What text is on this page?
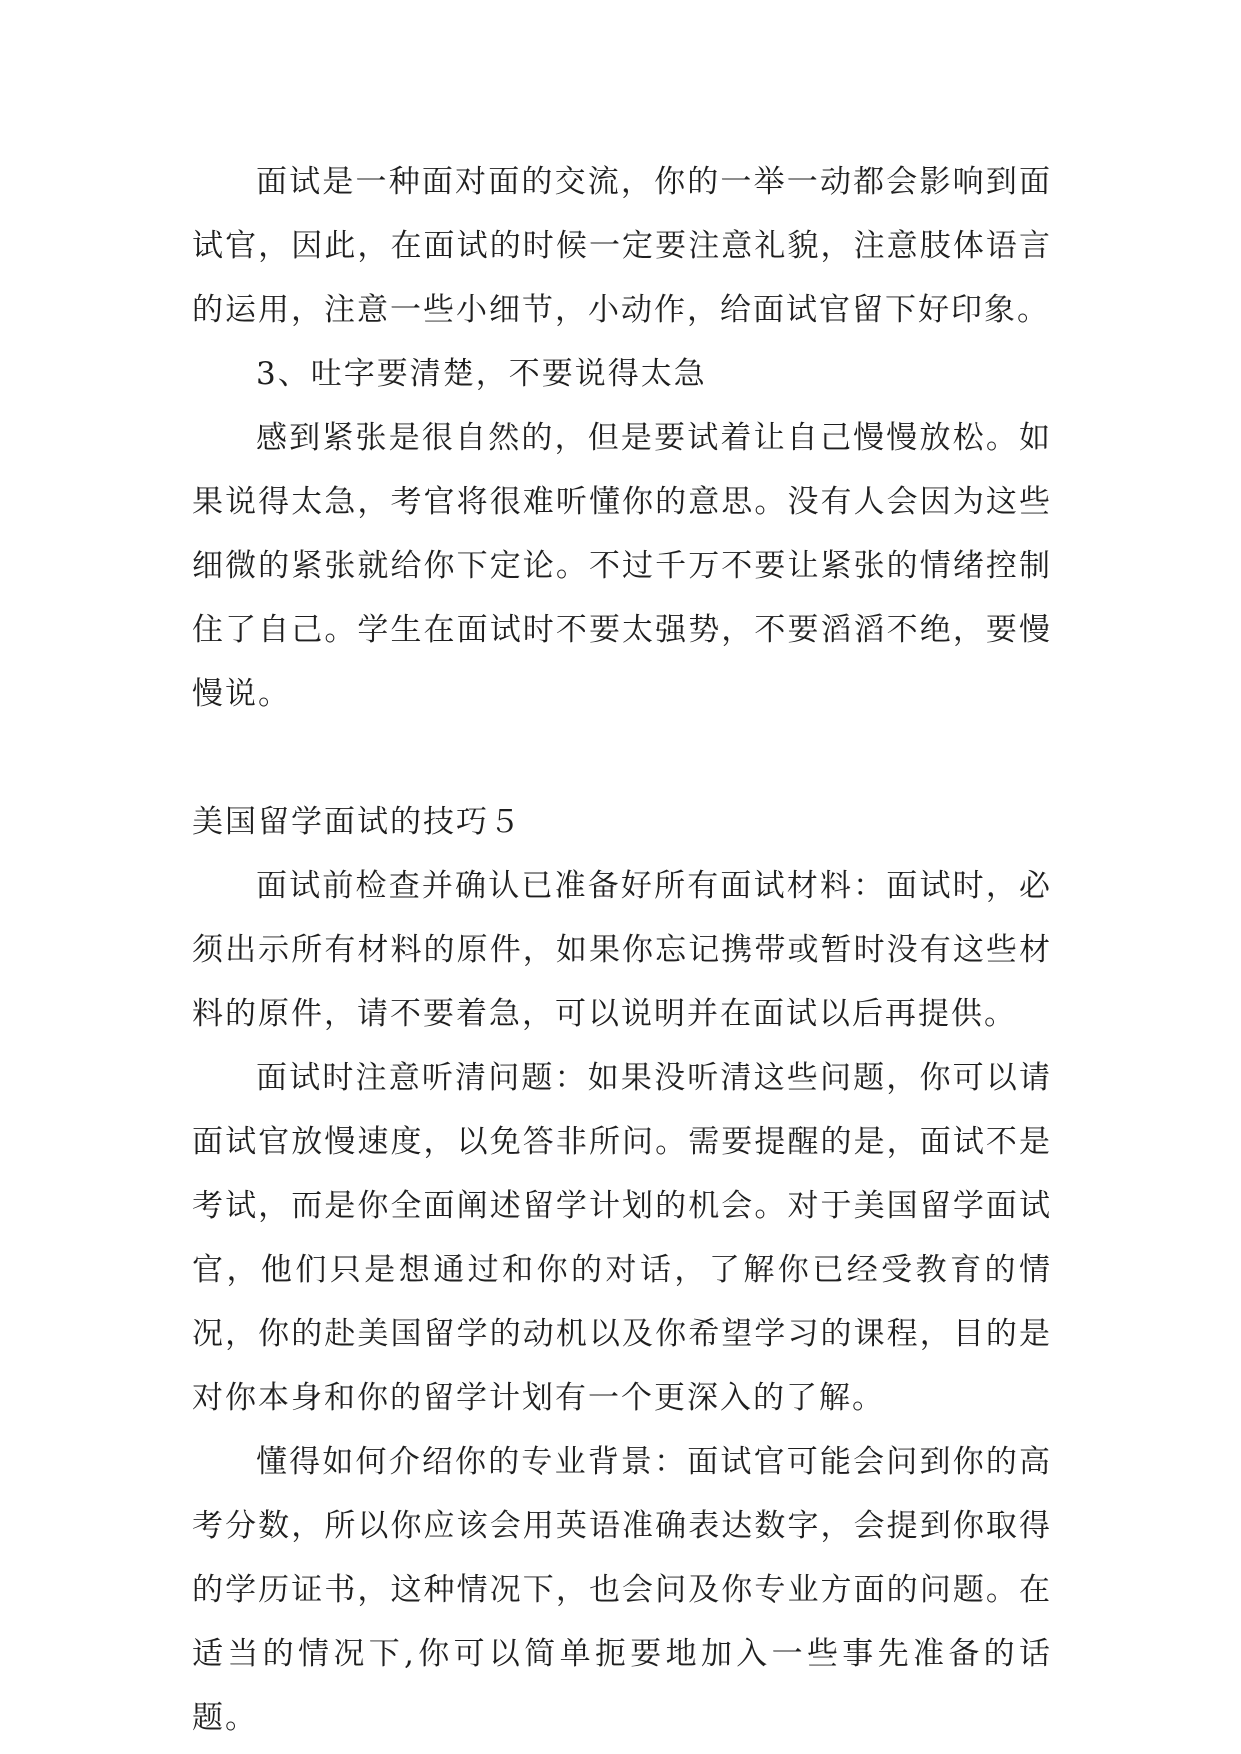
面试是一种面对面的交流，你的一举一动都会影响到面试官，因此，在面试的时候一定要注意礼貌，注意肢体语言的运用，注意一些小细节，小动作，给面试官留下好印象。

3、吐字要清楚，不要说得太急

感到紧张是很自然的，但是要试着让自己慢慢放松。如果说得太急，考官将很难听懂你的意思。没有人会因为这些细微的紧张就给你下定论。不过千万不要让紧张的情绪控制住了自己。学生在面试时不要太强势，不要滔滔不绝，要慢慢说。

美国留学面试的技巧５

面试前检查并确认已准备好所有面试材料：面试时，必须出示所有材料的原件，如果你忘记携带或暂时没有这些材料的原件，请不要着急，可以说明并在面试以后再提供。

面试时注意听清问题：如果没听清这些问题，你可以请面试官放慢速度，以免答非所问。需要提醒的是，面试不是考试，而是你全面阐述留学计划的机会。对于美国留学面试官，他们只是想通过和你的对话，了解你已经受教育的情况，你的赴美国留学的动机以及你希望学习的课程，目的是对你本身和你的留学计划有一个更深入的了解。

懂得如何介绍你的专业背景：面试官可能会问到你的高考分数，所以你应该会用英语准确表达数字，会提到你取得的学历证书，这种情况下，也会问及你专业方面的问题。在适当的情况下,你可以简单扼要地加入一些事先准备的话题。
